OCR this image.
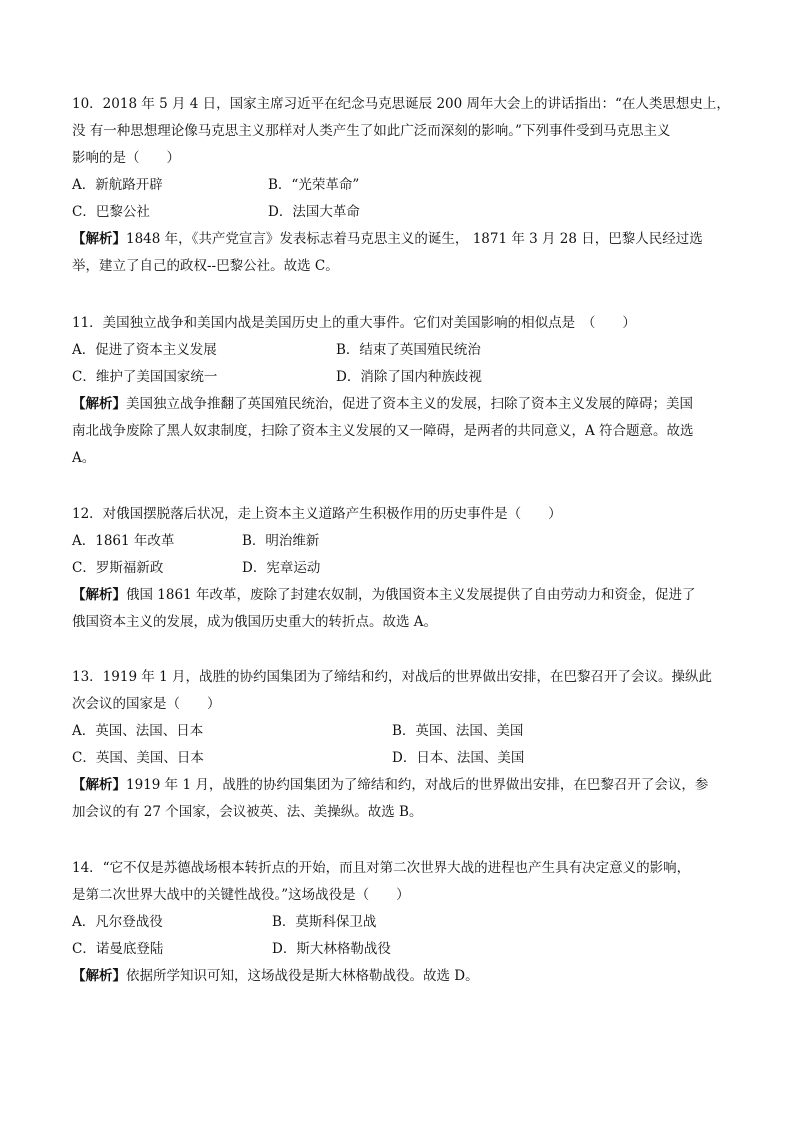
10．2018 年 5 月 4 日，国家主席习近平在纪念马克思诞辰 200 周年大会上的讲话指出：“在人类思想史上，
没 有一种思想理论像马克思主义那样对人类产生了如此广泛而深刻的影响。”下列事件受到马克思主义
影响的是（　　）
A．新航路开辟	B．“光荣革命”
C．巴黎公社	D．法国大革命
【解析】1848 年，《共产党宣言》发表标志着马克思主义的诞生， 1871 年 3 月 28 日，巴黎人民经过选
举，建立了自己的政权--巴黎公社。故选 C。
11．美国独立战争和美国内战是美国历史上的重大事件。它们对美国影响的相似点是　（　　）
A．促进了资本主义发展	B．结束了英国殖民统治
C．维护了美国国家统一	D．消除了国内种族歧视
【解析】美国独立战争推翻了英国殖民统治，促进了资本主义的发展，扫除了资本主义发展的障碍；美国
南北战争废除了黑人奴隶制度，扫除了资本主义发展的又一障碍，是两者的共同意义，A 符合题意。故选
A。
12．对俄国摆脱落后状况，走上资本主义道路产生积极作用的历史事件是（　　）
A．1861 年改革	B．明治维新
C．罗斯福新政	D．宪章运动
【解析】俄国 1861 年改革，废除了封建农奴制，为俄国资本主义发展提供了自由劳动力和资金，促进了
俄国资本主义的发展，成为俄国历史重大的转折点。故选 A。
13．1919 年 1 月，战胜的协约国集团为了缔结和约，对战后的世界做出安排，在巴黎召开了会议。操纵此
次会议的国家是（　　）
A．英国、法国、日本	B．英国、法国、美国
C．英国、美国、日本	D．日本、法国、美国
【解析】1919 年 1 月，战胜的协约国集团为了缔结和约，对战后的世界做出安排，在巴黎召开了会议，参
加会议的有 27 个国家，会议被英、法、美操纵。故选 B。
14．“它不仅是苏德战场根本转折点的开始，而且对第二次世界大战的进程也产生具有决定意义的影响，
是第二次世界大战中的关键性战役。”这场战役是（　　）
A．凡尔登战役	B．莫斯科保卫战
C．诺曼底登陆	D．斯大林格勒战役
【解析】依据所学知识可知，这场战役是斯大林格勒战役。故选 D。
